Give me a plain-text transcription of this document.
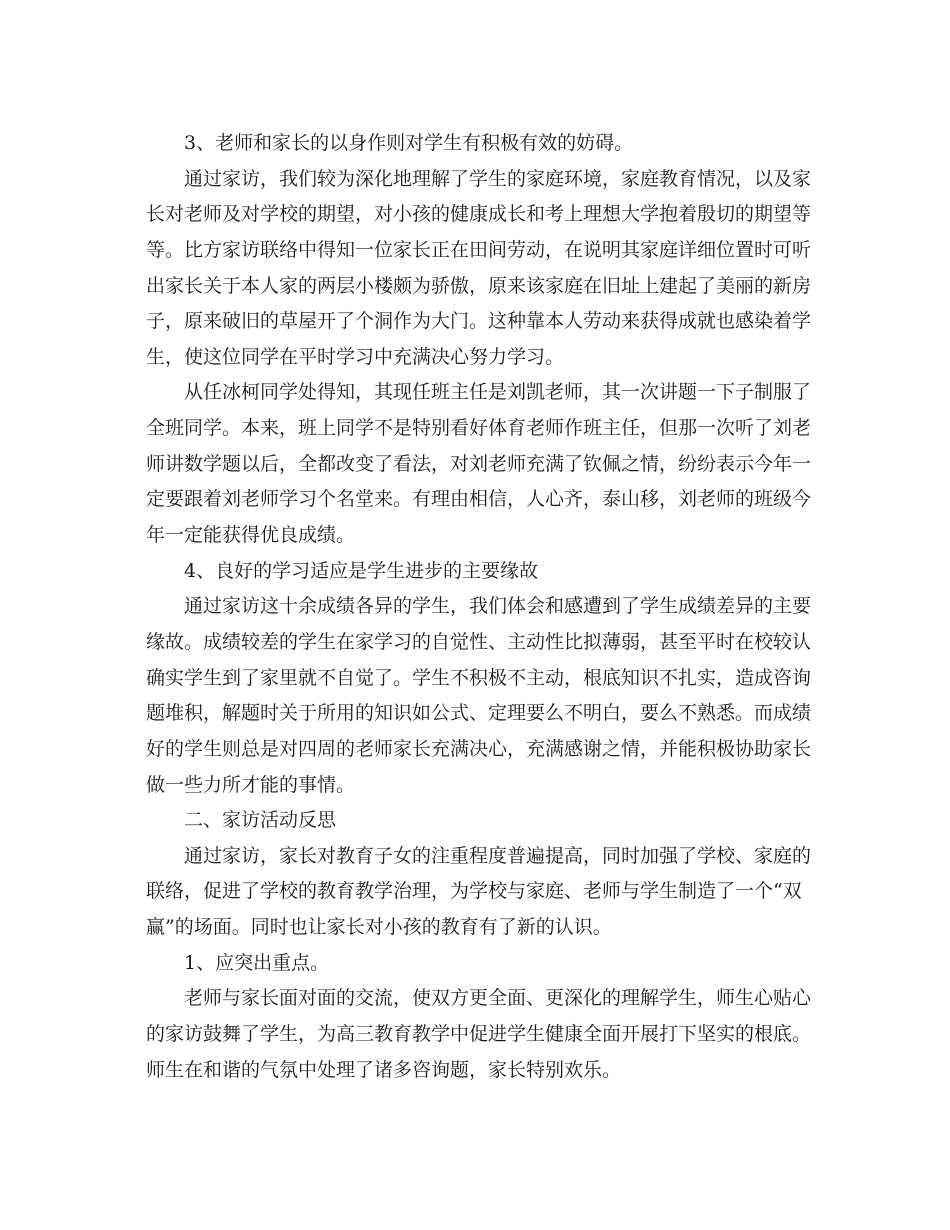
3、老师和家长的以身作则对学生有积极有效的妨碍。
通过家访，我们较为深化地理解了学生的家庭环境，家庭教育情况，以及家
长对老师及对学校的期望，对小孩的健康成长和考上理想大学抱着殷切的期望等
等。比方家访联络中得知一位家长正在田间劳动，在说明其家庭详细位置时可听
出家长关于本人家的两层小楼颇为骄傲，原来该家庭在旧址上建起了美丽的新房
子，原来破旧的草屋开了个洞作为大门。这种靠本人劳动来获得成就也感染着学
生，使这位同学在平时学习中充满决心努力学习。
从任冰柯同学处得知，其现任班主任是刘凯老师，其一次讲题一下子制服了
全班同学。本来，班上同学不是特别看好体育老师作班主任，但那一次听了刘老
师讲数学题以后，全都改变了看法，对刘老师充满了钦佩之情，纷纷表示今年一
定要跟着刘老师学习个名堂来。有理由相信，人心齐，泰山移，刘老师的班级今
年一定能获得优良成绩。
4、良好的学习适应是学生进步的主要缘故
通过家访这十余成绩各异的学生，我们体会和感遭到了学生成绩差异的主要
缘故。成绩较差的学生在家学习的自觉性、主动性比拟薄弱，甚至平时在校较认
确实学生到了家里就不自觉了。学生不积极不主动，根底知识不扎实，造成咨询
题堆积，解题时关于所用的知识如公式、定理要么不明白，要么不熟悉。而成绩
好的学生则总是对四周的老师家长充满决心，充满感谢之情，并能积极协助家长
做一些力所才能的事情。
二、家访活动反思
通过家访，家长对教育子女的注重程度普遍提高，同时加强了学校、家庭的
联络，促进了学校的教育教学治理，为学校与家庭、老师与学生制造了一个“双
赢”的场面。同时也让家长对小孩的教育有了新的认识。
1、应突出重点。
老师与家长面对面的交流，使双方更全面、更深化的理解学生，师生心贴心
的家访鼓舞了学生，为高三教育教学中促进学生健康全面开展打下坚实的根底。
师生在和谐的气氛中处理了诸多咨询题，家长特别欢乐。
